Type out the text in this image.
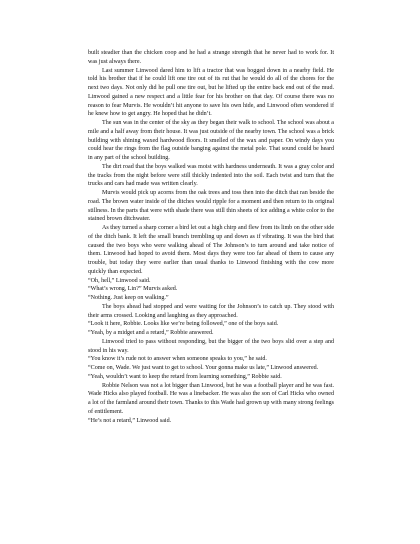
built steadier than the chicken coop and he had a strange strength that he never had to work for. It was just always there.

Last summer Linwood dared him to lift a tractor that was bogged down in a nearby field. He told his brother that if he could lift one tire out of its rut that he would do all of the chores for the next two days. Not only did he pull one tire out, but he lifted up the entire back end out of the mud. Linwood gained a new respect and a little fear for his brother on that day. Of course there was no reason to fear Murvis. He wouldn’t hit anyone to save his own hide, and Linwood often wondered if he knew how to get angry. He hoped that he didn’t.

The sun was in the center of the sky as they began their walk to school. The school was about a mile and a half away from their house. It was just outside of the nearby town. The school was a brick building with shining waxed hardwood floors. It smelled of the wax and paper. On windy days you could hear the rings from the flag outside banging against the metal pole. That sound could be heard in any part of the school building.

The dirt road that the boys walked was moist with hardness underneath. It was a gray color and the tracks from the night before were still thickly indented into the soil. Each twist and turn that the trucks and cars had made was written clearly.

Murvis would pick up acorns from the oak trees and toss then into the ditch that ran beside the road. The brown water inside of the ditches would ripple for a moment and then return to its original stillness. In the parts that were with shade there was still thin sheets of ice adding a white color to the stained brown ditchwater.

As they turned a sharp corner a bird let out a high chirp and flew from its limb on the other side of the ditch bank. It left the small branch trembling up and down as if vibrating. It was the bird that caused the two boys who were walking ahead of The Johnson’s to turn around and take notice of them. Linwood had hoped to avoid them. Most days they were too far ahead of them to cause any trouble, but today they were earlier than usual thanks to Linwood finishing with the cow more quickly than expected.

“Oh, hell,” Linwood said.

“What’s wrong, Lin?” Murvis asked.

“Nothing. Just keep on walking.”

The boys ahead had stopped and were waiting for the Johnson’s to catch up. They stood with their arms crossed. Looking and laughing as they approached.

“Look it here, Robbie. Looks like we’re being followed,” one of the boys said.

“Yeah, by a midget and a retard,” Robbie answered.

Linwood tried to pass without responding, but the bigger of the two boys slid over a step and stood in his way.

“You know it’s rude not to answer when someone speaks to you,” he said.

“Come on, Wade. We just want to get to school. Your gonna make us late,” Linwood answered.

“Yeah, wouldn’t want to keep the retard from learning something,” Robbie said.

Robbie Nelson was not a lot bigger than Linwood, but he was a football player and he was fast. Wade Hicks also played football. He was a linebacker. He was also the son of Carl Hicks who owned a lot of the farmland around their town. Thanks to this Wade had grown up with many strong feelings of entitlement.

“He’s not a retard,” Linwood said.
